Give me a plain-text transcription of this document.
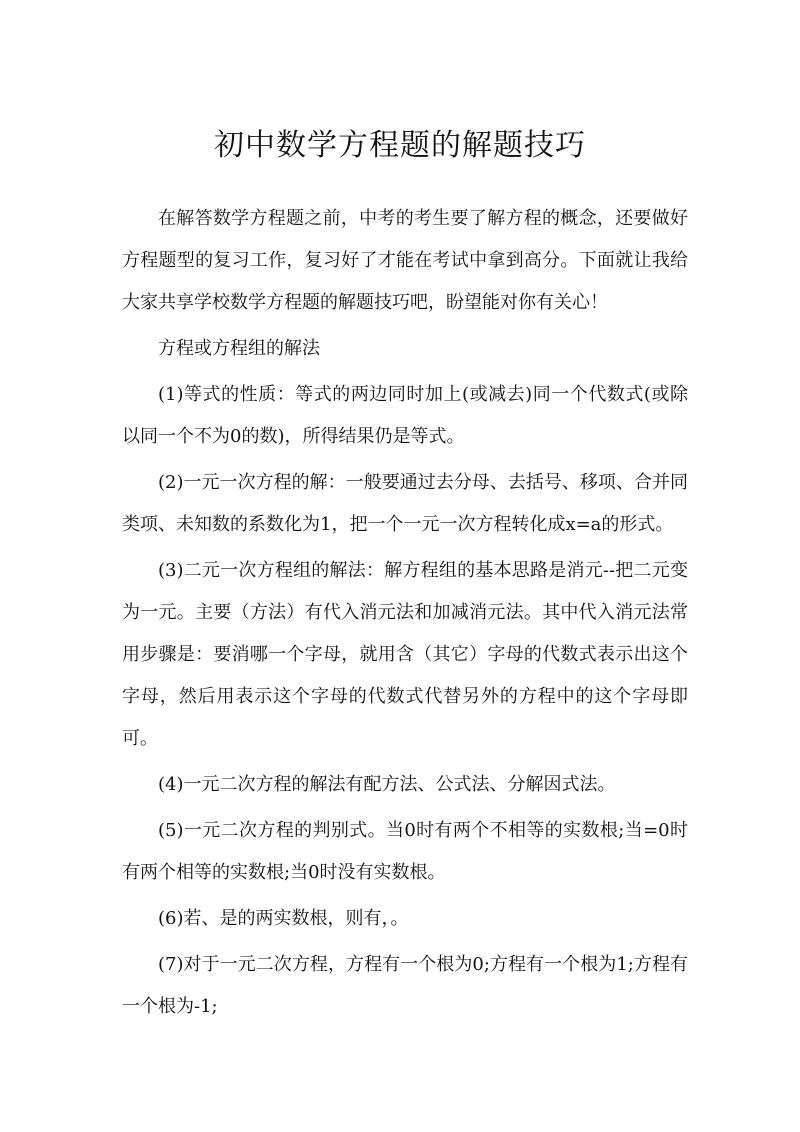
初中数学方程题的解题技巧

在解答数学方程题之前，中考的考生要了解方程的概念，还要做好方程题型的复习工作，复习好了才能在考试中拿到高分。下面就让我给大家共享学校数学方程题的解题技巧吧，盼望能对你有关心！

方程或方程组的解法

(1)等式的性质：等式的两边同时加上(或减去)同一个代数式(或除以同一个不为0的数)，所得结果仍是等式。

(2)一元一次方程的解：一般要通过去分母、去括号、移项、合并同类项、未知数的系数化为1，把一个一元一次方程转化成x=a的形式。

(3)二元一次方程组的解法：解方程组的基本思路是消元--把二元变为一元。主要（方法）有代入消元法和加减消元法。其中代入消元法常用步骤是：要消哪一个字母，就用含（其它）字母的代数式表示出这个字母，然后用表示这个字母的代数式代替另外的方程中的这个字母即可。

(4)一元二次方程的解法有配方法、公式法、分解因式法。

(5)一元二次方程的判别式。当0时有两个不相等的实数根;当=0时有两个相等的实数根;当0时没有实数根。

(6)若、是的两实数根，则有，。

(7)对于一元二次方程，方程有一个根为0;方程有一个根为1;方程有一个根为-1;
